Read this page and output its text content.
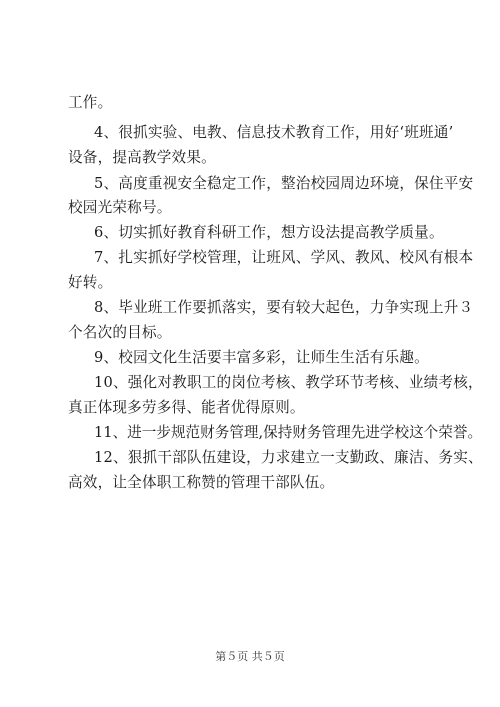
工作。
4、很抓实验、电教、信息技术教育工作，用好‘班班通’
设备，提高教学效果。
5、高度重视安全稳定工作，整治校园周边环境，保住平安
校园光荣称号。
6、切实抓好教育科研工作，想方设法提高教学质量。
7、扎实抓好学校管理，让班风、学风、教风、校风有根本
好转。
8、毕业班工作要抓落实，要有较大起色，力争实现上升３
个名次的目标。
9、校园文化生活要丰富多彩，让师生生活有乐趣。
10、强化对教职工的岗位考核、教学环节考核、业绩考核，
真正体现多劳多得、能者优得原则。
11、进一步规范财务管理,保持财务管理先进学校这个荣誉。
12、狠抓干部队伍建设，力求建立一支勤政、廉洁、务实、
高效，让全体职工称赞的管理干部队伍。
第５页 共５页
